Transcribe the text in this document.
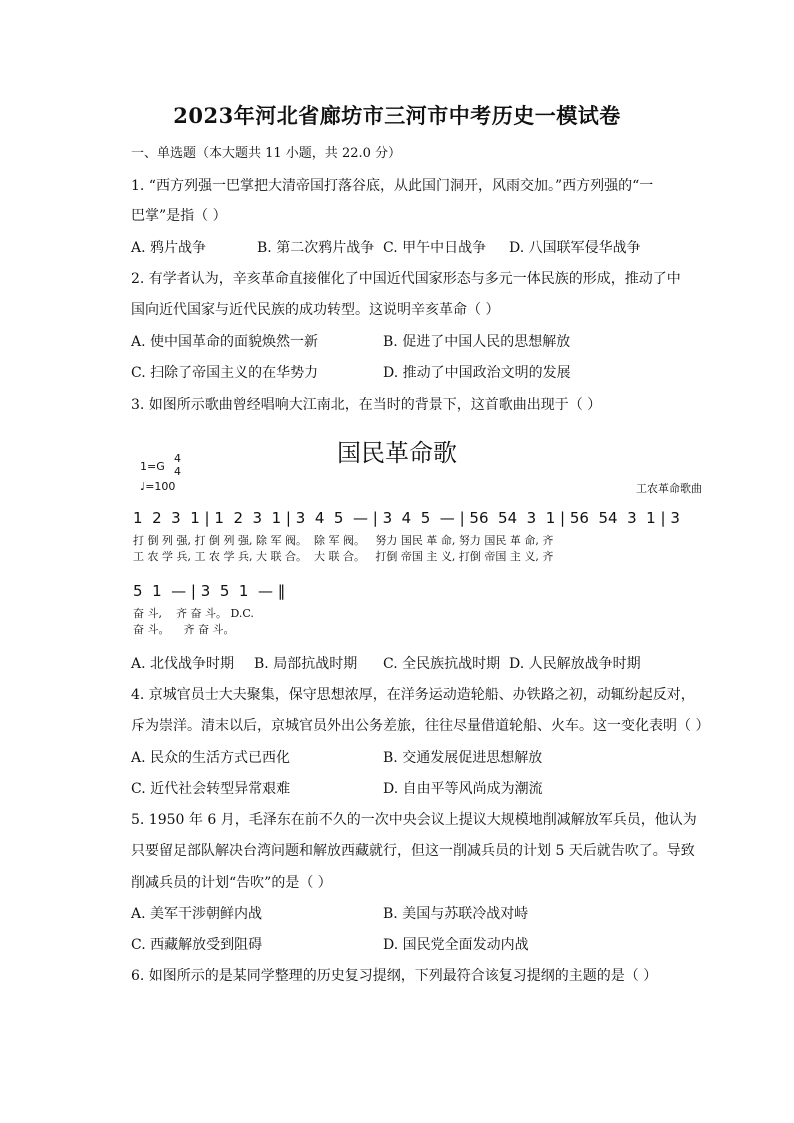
2023年河北省廊坊市三河市中考历史一模试卷
一、单选题（本大题共 11 小题，共 22.0 分）
1. “西方列强一巴掌把大清帝国打落谷底，从此国门洞开，风雨交加。”西方列强的“一
巴掌”是指（ ）
A. 鸦片战争	B. 第二次鸦片战争 C. 甲午中日战争 D. 八国联军侵华战争
2. 有学者认为，辛亥革命直接催化了中国近代国家形态与多元一体民族的形成，推动了中
国向近代国家与近代民族的成功转型。这说明辛亥革命（ ）
A. 使中国革命的面貌焕然一新	B. 促进了中国人民的思想解放
C. 扫除了帝国主义的在华势力	D. 推动了中国政治文明的发展
3. 如图所示歌曲曾经唱响大江南北，在当时的背景下，这首歌曲出现于（ ）
国民革命歌
1=G
4
4
♩=100	工农革命歌曲
1  2  3  1 | 1  2  3  1 | 3  4  5  — | 3  4  5  — | 56  54  3  1 | 56  54  3  1 | 3
打 倒 列 强, 打 倒 列 强, 除 军 阀。  除 军 阀。   努力 国民 革 命, 努力 国民 革 命, 齐
工 农 学 兵, 工 农 学 兵, 大 联 合。  大 联 合。   打倒 帝国 主 义, 打倒 帝国 主 义, 齐
5  1  — | 3  5  1  — ‖
奋 斗,    齐 奋 斗。 D.C.
奋 斗。    齐 奋 斗。
A. 北伐战争时期 B. 局部抗战时期 C. 全民族抗战时期 D. 人民解放战争时期
4. 京城官员士大夫聚集，保守思想浓厚，在洋务运动造轮船、办铁路之初，动辄纷起反对，
斥为崇洋。清末以后，京城官员外出公务差旅，往往尽量借道轮船、火车。这一变化表明（ ）
A. 民众的生活方式已西化	B. 交通发展促进思想解放
C. 近代社会转型异常艰难	D. 自由平等风尚成为潮流
5. 1950 年 6 月，毛泽东在前不久的一次中央会议上提议大规模地削减解放军兵员，他认为
只要留足部队解决台湾问题和解放西藏就行，但这一削减兵员的计划 5 天后就告吹了。导致
削减兵员的计划“告吹”的是（ ）
A. 美军干涉朝鲜内战	B. 美国与苏联冷战对峙
C. 西藏解放受到阻碍	D. 国民党全面发动内战
6. 如图所示的是某同学整理的历史复习提纲，下列最符合该复习提纲的主题的是（ ）
